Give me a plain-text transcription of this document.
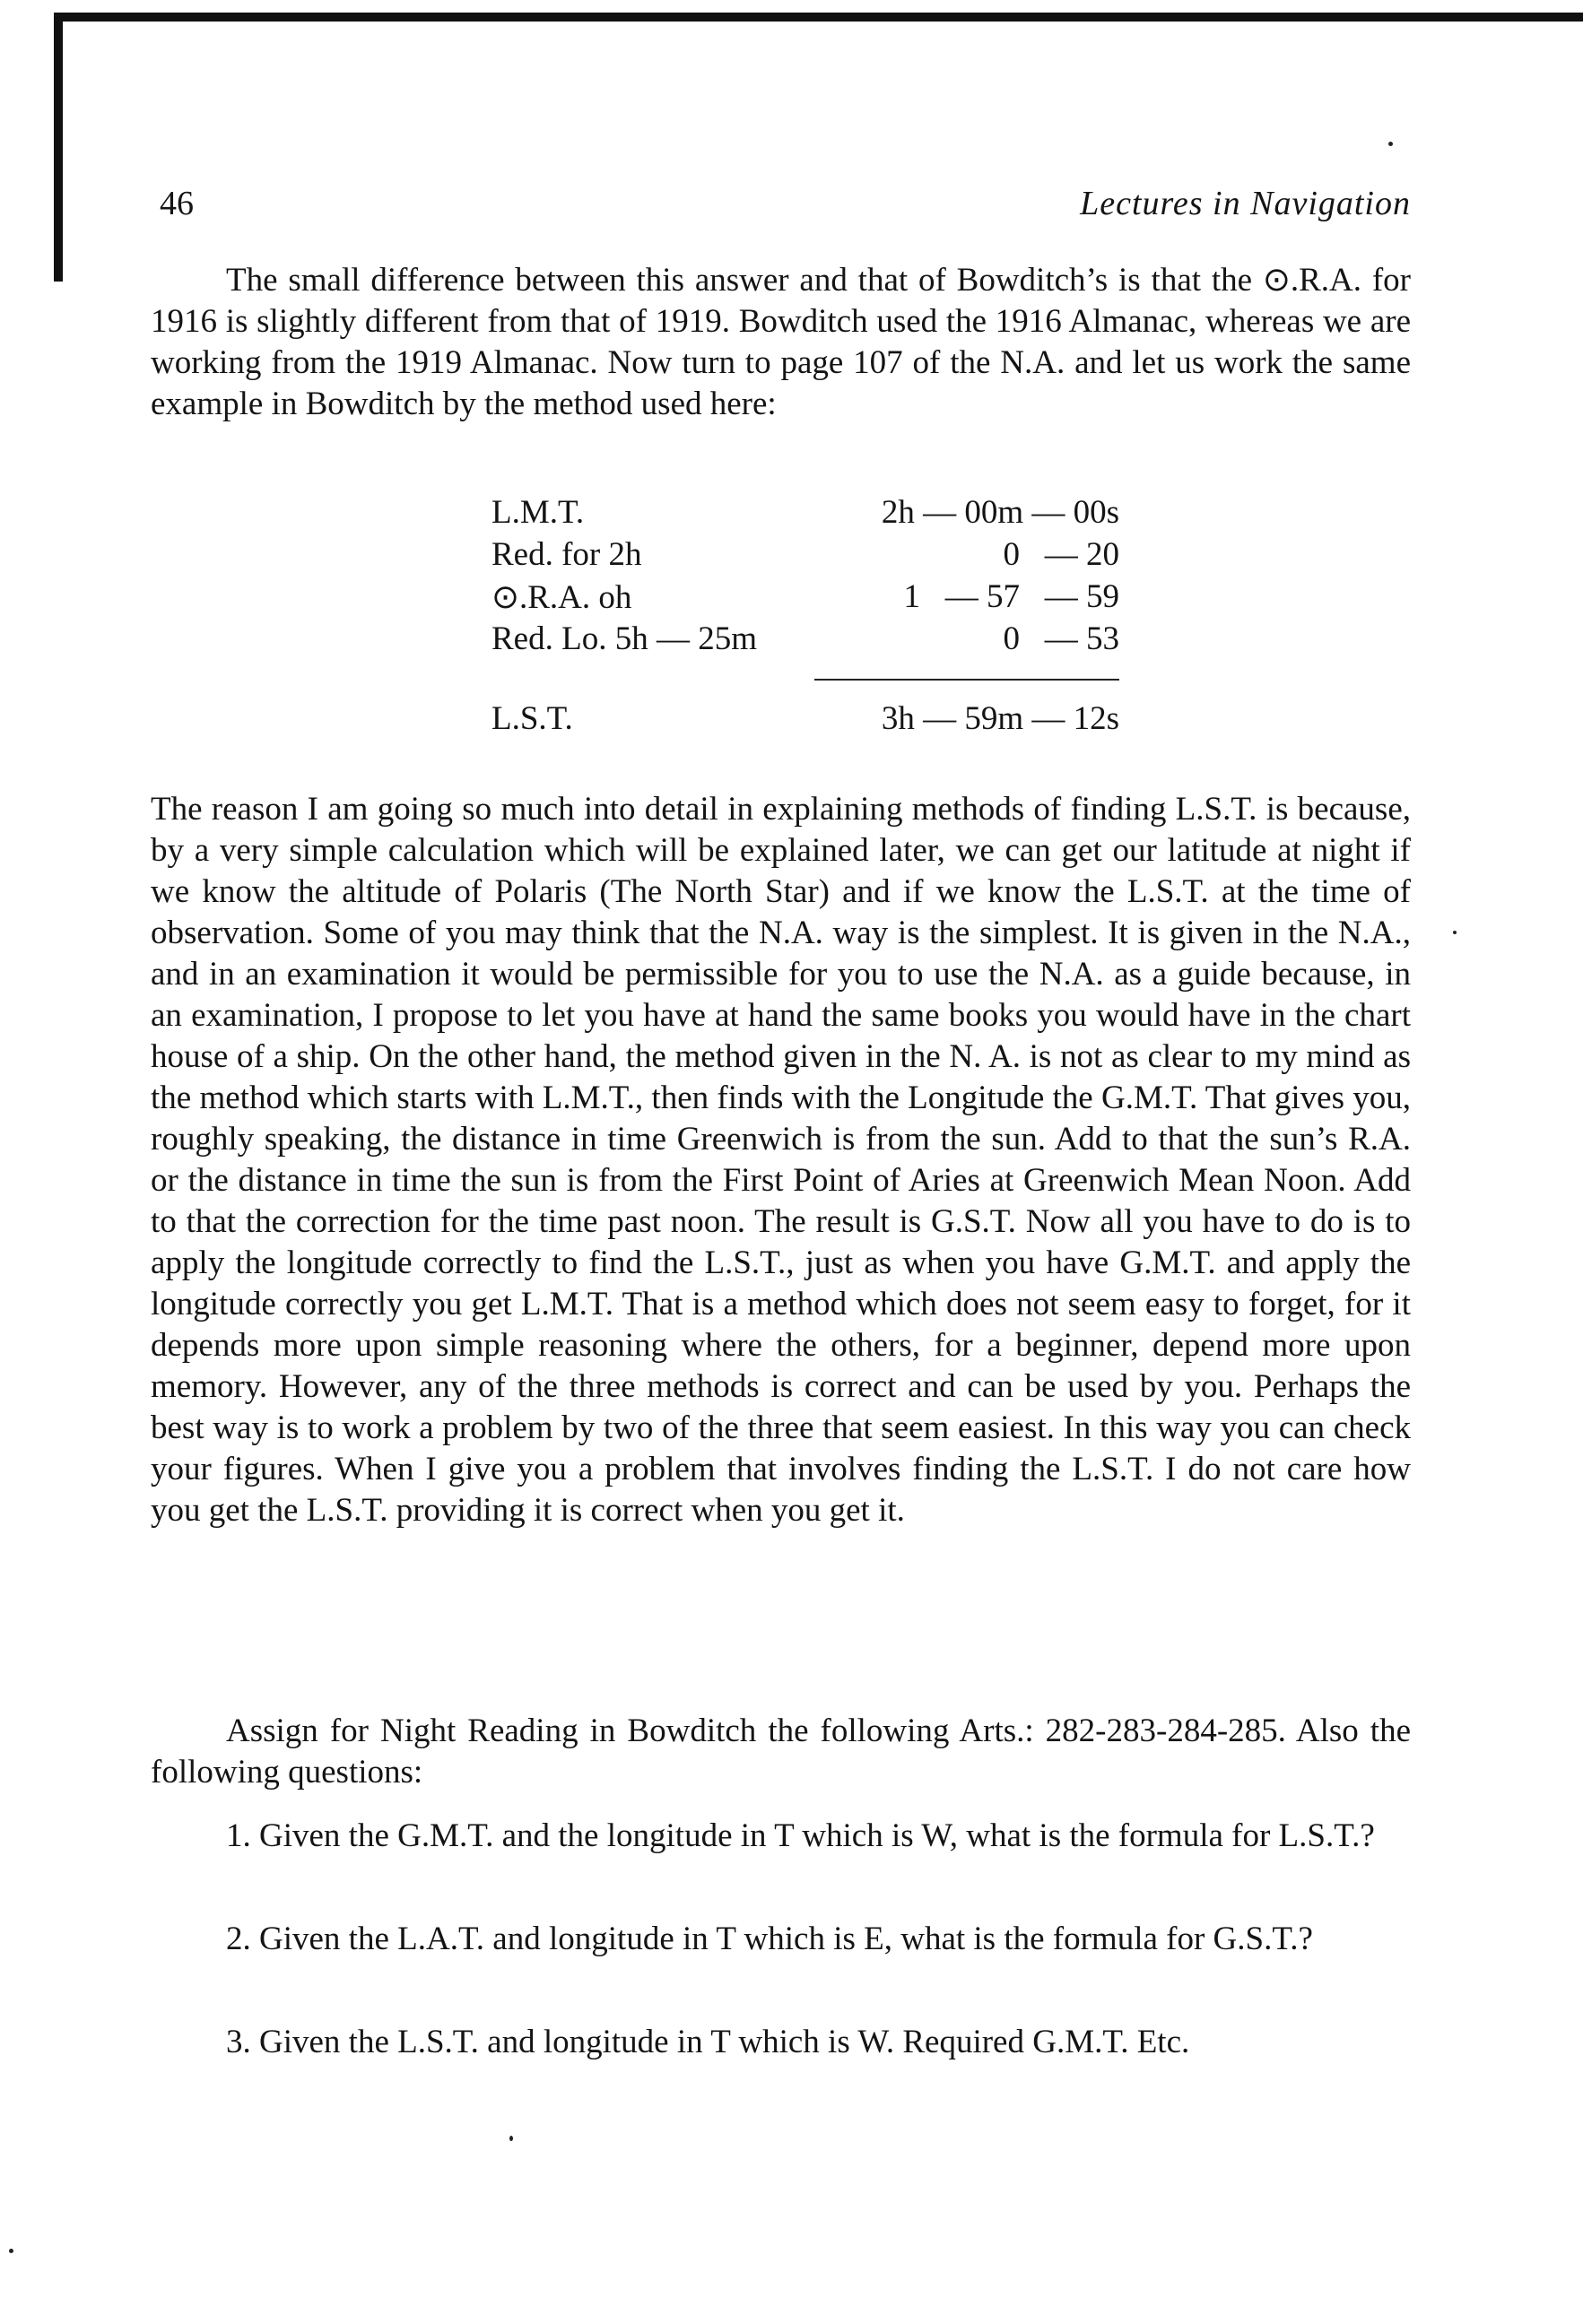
46	Lectures in Navigation

The small difference between this answer and that of Bowditch’s is that the ⊙.R.A. for 1916 is slightly different from that of 1919. Bowditch used the 1916 Almanac, whereas we are working from the 1919 Almanac. Now turn to page 107 of the N.A. and let us work the same example in Bowditch by the method used here:

L.M.T.	2h — 00m — 00s
Red. for 2h	0   — 20
⊙.R.A. oh	1   — 57   — 59
Red. Lo. 5h — 25m	0   — 53
L.S.T.	3h — 59m — 12s

The reason I am going so much into detail in explaining methods of finding L.S.T. is because, by a very simple calculation which will be explained later, we can get our latitude at night if we know the altitude of Polaris (The North Star) and if we know the L.S.T. at the time of observation. Some of you may think that the N.A. way is the simplest. It is given in the N.A., and in an examination it would be permissible for you to use the N.A. as a guide because, in an examination, I propose to let you have at hand the same books you would have in the chart house of a ship. On the other hand, the method given in the N. A. is not as clear to my mind as the method which starts with L.M.T., then finds with the Longitude the G.M.T. That gives you, roughly speaking, the distance in time Greenwich is from the sun. Add to that the sun’s R.A. or the distance in time the sun is from the First Point of Aries at Greenwich Mean Noon. Add to that the correction for the time past noon. The result is G.S.T. Now all you have to do is to apply the longitude correctly to find the L.S.T., just as when you have G.M.T. and apply the longitude correctly you get L.M.T. That is a method which does not seem easy to forget, for it depends more upon simple reasoning where the others, for a beginner, depend more upon memory. However, any of the three methods is correct and can be used by you. Perhaps the best way is to work a problem by two of the three that seem easiest. In this way you can check your figures. When I give you a problem that involves finding the L.S.T. I do not care how you get the L.S.T. providing it is correct when you get it.

Assign for Night Reading in Bowditch the following Arts.: 282-283-284-285. Also the following questions:

1. Given the G.M.T. and the longitude in T which is W, what is the formula for L.S.T.?

2. Given the L.A.T. and longitude in T which is E, what is the formula for G.S.T.?

3. Given the L.S.T. and longitude in T which is W. Required G.M.T. Etc.
